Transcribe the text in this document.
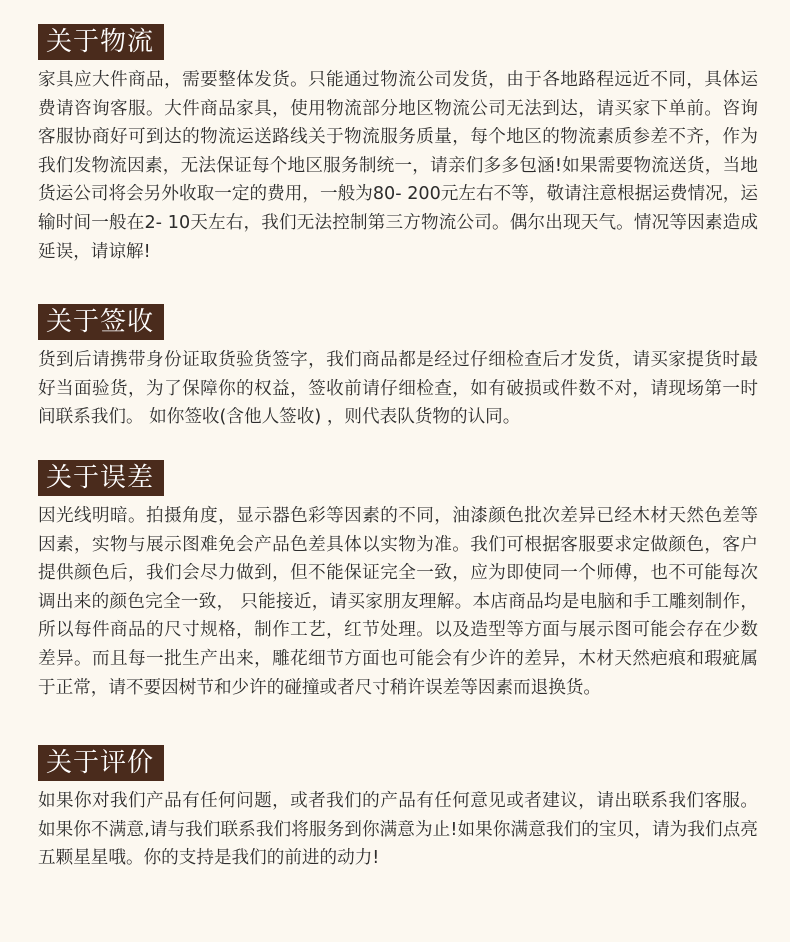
关于物流

家具应大件商品，需要整体发货。只能通过物流公司发货，由于各地路程远近不同，具体运费请咨询客服。大件商品家具，使用物流部分地区物流公司无法到达，请买家下单前。咨询客服协商好可到达的物流运送路线关于物流服务质量，每个地区的物流素质参差不齐，作为我们发物流因素，无法保证每个地区服务制统一，请亲们多多包涵!如果需要物流送货，当地货运公司将会另外收取一定的费用，一般为80- 200元左右不等，敬请注意根据运费情况，运输时间一般在2- 10天左右，我们无法控制第三方物流公司。偶尔出现天气。情况等因素造成延误，请谅解!

关于签收

货到后请携带身份证取货验货签字，我们商品都是经过仔细检查后才发货，请买家提货时最好当面验货，为了保障你的权益，签收前请仔细检查，如有破损或件数不对，请现场第一时间联系我们。 如你签收(含他人签收) ，则代表队货物的认同。

关于误差

因光线明暗。拍摄角度，显示器色彩等因素的不同，油漆颜色批次差异已经木材天然色差等因素，实物与展示图难免会产品色差具体以实物为准。我们可根据客服要求定做颜色，客户提供颜色后，我们会尽力做到，但不能保证完全一致，应为即使同一个师傅，也不可能每次调出来的颜色完全一致， 只能接近，请买家朋友理解。本店商品均是电脑和手工雕刻制作，所以每件商品的尺寸规格，制作工艺，红节处理。以及造型等方面与展示图可能会存在少数差异。而且每一批生产出来，雕花细节方面也可能会有少许的差异，木材天然疤痕和瑕疵属于正常，请不要因树节和少许的碰撞或者尺寸稍许误差等因素而退换货。

关于评价

如果你对我们产品有任何问题，或者我们的产品有任何意见或者建议，请出联系我们客服。如果你不满意,请与我们联系我们将服务到你满意为止!如果你满意我们的宝贝，请为我们点亮五颗星星哦。你的支持是我们的前进的动力!
